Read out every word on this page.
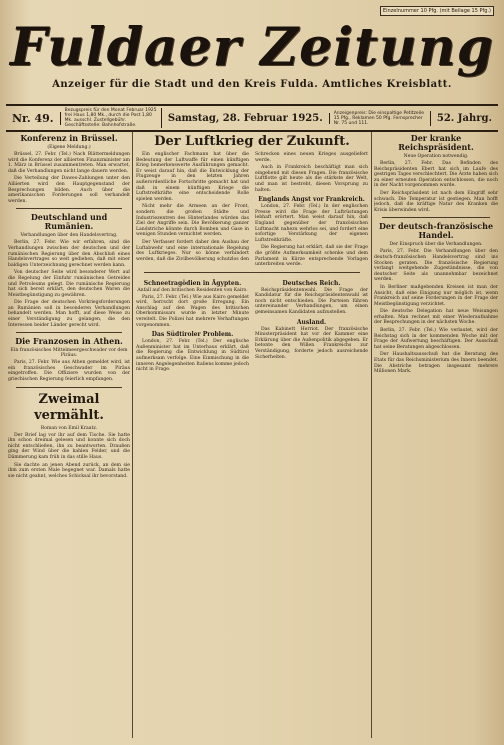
Einzelnummer 10 Pfg. (mit Beilage 15 Pfg.)
Fuldaer Zeitung
Anzeiger für die Stadt und den Kreis Fulda. Amtliches Kreisblatt.
Nr. 49.
Bezugspreis für den Monat Februar 1925 frei Haus 1,80 Mk., durch die Post 1,80 Mk. ausschl. Zustellgebühr. Geschäftsstelle: Bahnhofstraße.
Samstag, 28. Februar 1925.	Anzeigenpreis: Die einspaltige Petitzeile 15 Pfg., Reklamen 50 Pfg. Fernsprecher Nr. 75 und 111.	52. Jahrg.
Konferenz in Brüssel.
(Eigene Meldung.)

Brüssel, 27. Febr. (Tel.) Nach Blättermeldungen wird die Konferenz der alliierten Finanzminister am 1. März in Brüssel zusammentreten. Man erwartet, daß die Verhandlungen nicht lange dauern werden.

Die Verteilung der Dawes-Zahlungen unter den Alliierten wird den Hauptgegenstand der Besprechungen bilden. Auch über die amerikanischen Forderungen soll verhandelt werden.

Deutschland und Rumänien.
Verhandlungen über den Handelsvertrag.

Berlin, 27. Febr. Wie wir erfahren, sind die Verhandlungen zwischen der deutschen und der rumänischen Regierung über den Abschluß eines Handelsvertrages so weit gediehen, daß mit einer baldigen Unterzeichnung gerechnet werden kann.

Von deutscher Seite wird besonderer Wert auf die Regelung der Einfuhr rumänischen Getreides und Petroleums gelegt. Die rumänische Regierung hat sich bereit erklärt, den deutschen Waren die Meistbegünstigung zu gewähren.

Die Frage der deutschen Vorkriegsforderungen an Rumänien soll in besonderen Verhandlungen behandelt werden. Man hofft, auf diese Weise zu einer Verständigung zu gelangen, die den Interessen beider Länder gerecht wird.

Die Franzosen in Athen.
Ein französisches Mittelmeergeschwader vor dem Piräus.

Paris, 27. Febr. Wie aus Athen gemeldet wird, ist ein französisches Geschwader im Piräus eingetroffen. Die Offiziere wurden von der griechischen Regierung feierlich empfangen.

Zweimal vermählt.
Roman von Emil Kraatz.

Der Brief lag vor ihr auf dem Tische. Sie hatte ihn schon dreimal gelesen und konnte sich doch nicht entschließen, ihn zu beantworten. Draußen ging der Wind über die kahlen Felder, und die Dämmerung kam früh in das stille Haus.

Sie dachte an jenen Abend zurück, an dem sie ihm zum ersten Male begegnet war. Damals hatte sie nicht geahnt, welches Schicksal ihr bevorstand.

Der Luftkrieg der Zukunft.

Ein englischer Fachmann hat über die Bedeutung der Luftwaffe für einen künftigen Krieg bemerkenswerte Ausführungen gemacht. Er weist darauf hin, daß die Entwicklung der Flugzeuge in den letzten Jahren außerordentliche Fortschritte gemacht hat und daß in einem künftigen Kriege die Luftstreitkräfte eine entscheidende Rolle spielen werden.

Nicht mehr die Armeen an der Front, sondern die großen Städte und Industriezentren des Hinterlandes würden das Ziel der Angriffe sein. Die Bevölkerung ganzer Landstriche könnte durch Bomben und Gase in wenigen Stunden vernichtet werden.

Der Verfasser fordert daher den Ausbau der Luftabwehr und eine internationale Regelung des Luftkrieges. Nur so könne verhindert werden, daß die Zivilbevölkerung schutzlos den Schrecken eines neuen Krieges ausgeliefert werde.

Auch in Frankreich beschäftigt man sich eingehend mit diesen Fragen. Die französische Luftflotte gilt heute als die stärkste der Welt, und man ist bestrebt, diesen Vorsprung zu halten.

Englands Angst vor Frankreich.

London, 27. Febr. (Tel.) In der englischen Presse wird die Frage der Luftrüstungen lebhaft erörtert. Man weist darauf hin, daß England gegenüber der französischen Luftmacht nahezu wehrlos sei, und fordert eine sofortige Verstärkung der eigenen Luftstreitkräfte.

Die Regierung hat erklärt, daß sie der Frage die größte Aufmerksamkeit schenke und dem Parlament in Kürze entsprechende Vorlagen unterbreiten werde.

Schneetragödien in Ägypten.
Anfall auf den britischen Residenten von Kairo.

Paris, 27. Febr. (Tel.) Wie aus Kairo gemeldet wird, herrscht dort große Erregung. Ein Anschlag auf den Wagen des britischen Oberkommissars wurde in letzter Minute vereitelt. Die Polizei hat mehrere Verhaftungen vorgenommen.

Das Südtiroler Problem.

London, 27. Febr. (Tel.) Der englische Außenminister hat im Unterhaus erklärt, daß die Regierung die Entwicklung in Südtirol aufmerksam verfolge. Eine Einmischung in die inneren Angelegenheiten Italiens komme jedoch nicht in Frage.

Deutsches Reich.

Reichspräsidentenwahl. Die Frage der Kandidatur für die Reichspräsidentenwahl ist noch nicht entschieden. Die Parteien führen untereinander Verhandlungen, um einen gemeinsamen Kandidaten aufzustellen.

Ausland.

Das Kabinett Herriot. Der französische Ministerpräsident hat vor der Kammer eine Erklärung über die Außenpolitik abgegeben. Er betonte den Willen Frankreichs zur Verständigung, forderte jedoch ausreichende Sicherheiten.

Der kranke Reichspräsident.
Neue Operation notwendig.

Berlin, 27. Febr. Das Befinden des Reichspräsidenten Ebert hat sich im Laufe des gestrigen Tages verschlechtert. Die Ärzte haben sich zu einer erneuten Operation entschlossen, die noch in der Nacht vorgenommen wurde.

Der Reichspräsident ist nach dem Eingriff sehr schwach. Die Temperatur ist gestiegen. Man hofft jedoch, daß die kräftige Natur des Kranken die Krisis überwinden wird.

Der deutsch-französische Handel.
Der Einspruch über die Verhandlungen.

Paris, 27. Febr. Die Verhandlungen über den deutsch-französischen Handelsvertrag sind ins Stocken geraten. Die französische Regierung verlangt weitgehende Zugeständnisse, die von deutscher Seite als unannehmbar bezeichnet werden.

In Berliner maßgebenden Kreisen ist man der Ansicht, daß eine Einigung nur möglich ist, wenn Frankreich auf seine Forderungen in der Frage der Meistbegünstigung verzichtet.

Die deutsche Delegation hat neue Weisungen erhalten. Man rechnet mit einer Wiederaufnahme der Besprechungen in der nächsten Woche.

Berlin, 27. Febr. (Tel.) Wie verlautet, wird der Reichstag sich in der kommenden Woche mit der Frage der Aufwertung beschäftigen. Der Ausschuß hat seine Beratungen abgeschlossen.

Der Haushaltsausschuß hat die Beratung des Etats für das Reichsministerium des Innern beendet. Die Abstriche betragen insgesamt mehrere Millionen Mark.
